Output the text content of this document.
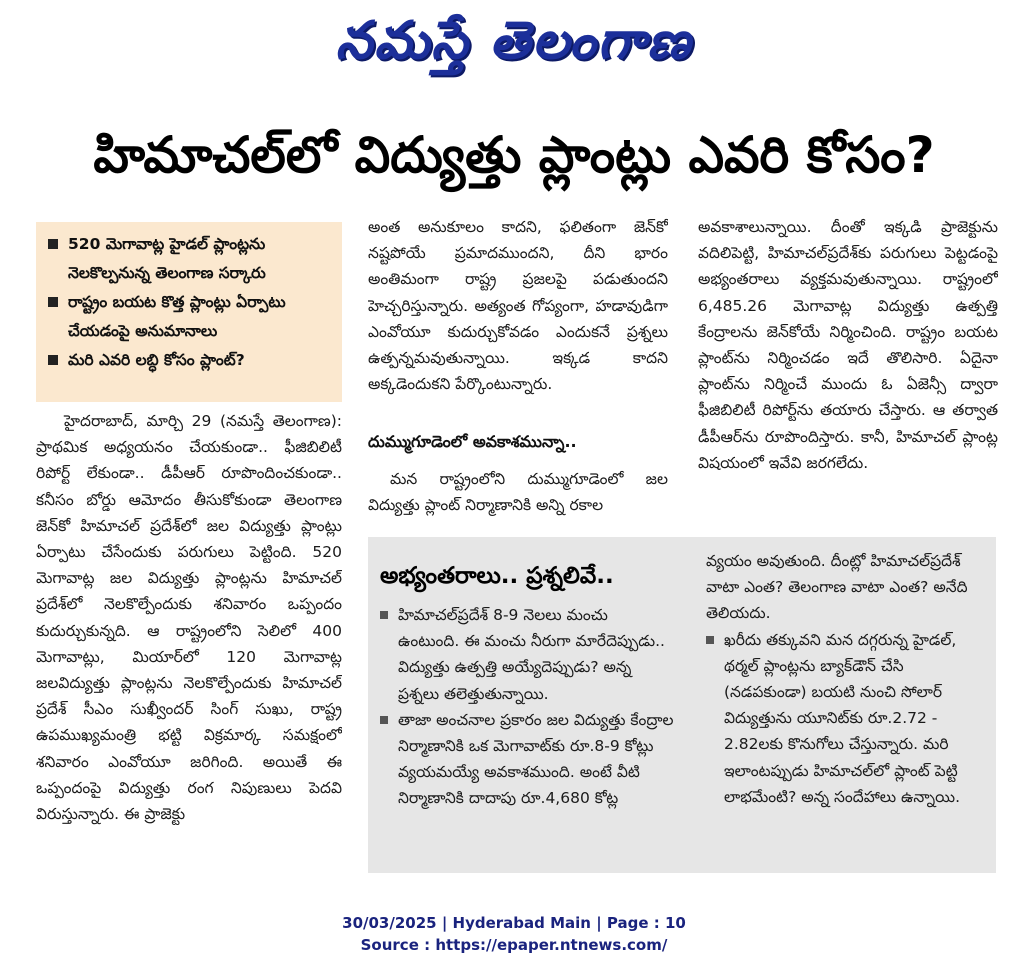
నమస్తే తెలంగాణ
హిమాచల్‌లో విద్యుత్తు ప్లాంట్లు ఎవరి కోసం?
520 మెగావాట్ల హైడల్‌ ప్లాంట్లను నెలకొల్పనున్న తెలంగాణ సర్కారు
రాష్ట్రం బయట కొత్త ప్లాంట్లు ఏర్పాటు చేయడంపై అనుమానాలు
మరి ఎవరి లబ్ధి కోసం ప్లాంట్‌?

హైదరాబాద్‌, మార్చి 29 (నమస్తే తెలంగాణ): ప్రాథమిక అధ్యయనం చేయకుండా.. ఫీజిబిలిటీ రిపోర్ట్‌ లేకుండా.. డీపీఆర్‌ రూపొందించకుండా.. కనీసం బోర్డు ఆమోదం తీసుకోకుండా తెలంగాణ జెన్‌కో హిమాచల్‌ ప్రదేశ్‌లో జల విద్యుత్తు ప్లాంట్లు ఏర్పాటు చేసేందుకు పరుగులు పెట్టింది. 520 మెగావాట్ల జల విద్యుత్తు ప్లాంట్లను హిమాచల్‌ ప్రదేశ్‌లో నెలకొల్పేందుకు శనివారం ఒప్పందం కుదుర్చుకున్నది. ఆ రాష్ట్రంలోని సెలిలో 400 మెగావాట్లు, మియార్‌లో 120 మెగావాట్ల జలవిద్యుత్తు ప్లాంట్లను నెలకొల్పేందుకు హిమాచల్‌ ప్రదేశ్‌ సీఎం సుఖ్వీందర్‌ సింగ్‌ సుఖు, రాష్ట్ర ఉపముఖ్యమంత్రి భట్టి విక్రమార్క సమక్షంలో శనివారం ఎంవోయూ జరిగింది. అయితే ఈ ఒప్పందంపై విద్యుత్తు రంగ నిపుణులు పెదవి విరుస్తున్నారు. ఈ ప్రాజెక్టు

అంత అనుకూలం కాదని, ఫలితంగా జెన్‌కో నష్టపోయే ప్రమాదముందని, దీని భారం అంతిమంగా రాష్ట్ర ప్రజలపై పడుతుందని హెచ్చరిస్తున్నారు. అత్యంత గోప్యంగా, హడావుడిగా ఎంవోయూ కుదుర్చుకోవడం ఎందుకనే ప్రశ్నలు ఉత్పన్నమవుతున్నాయి. ఇక్కడ కాదని అక్కడెందుకని పేర్కొంటున్నారు.

దుమ్ముగూడెంలో అవకాశమున్నా..

మన రాష్ట్రంలోని దుమ్ముగూడెంలో జల విద్యుత్తు ప్లాంట్‌ నిర్మాణానికి అన్ని రకాల

అవకాశాలున్నాయి. దీంతో ఇక్కడి ప్రాజెక్టును వదిలిపెట్టి, హిమాచల్‌ప్రదేశ్‌కు పరుగులు పెట్టడంపై అభ్యంతరాలు వ్యక్తమవుతున్నాయి. రాష్ట్రంలో 6,485.26 మెగావాట్ల విద్యుత్తు ఉత్పత్తి కేంద్రాలను జెన్‌కోయే నిర్మించింది. రాష్ట్రం బయట ప్లాంట్‌ను నిర్మించడం ఇదే తొలిసారి. ఏదైనా ప్లాంట్‌ను నిర్మించే ముందు ఓ ఏజెన్సీ ద్వారా ఫీజిబిలిటీ రిపోర్ట్‌ను తయారు చేస్తారు. ఆ తర్వాత డీపీఆర్‌ను రూపొందిస్తారు. కానీ, హిమాచల్‌ ప్లాంట్ల విషయంలో ఇవేవి జరగలేదు.

అభ్యంతరాలు.. ప్రశ్నలివే..
హిమాచల్‌ప్రదేశ్‌ 8-9 నెలలు మంచు ఉంటుంది. ఈ మంచు నీరుగా మారేదెప్పుడు.. విద్యుత్తు ఉత్పత్తి అయ్యేదెప్పుడు? అన్న ప్రశ్నలు తలెత్తుతున్నాయి.
తాజా అంచనాల ప్రకారం జల విద్యుత్తు కేంద్రాల నిర్మాణానికి ఒక మెగావాట్‌కు రూ.8-9 కోట్లు వ్యయమయ్యే అవకాశముంది. అంటే వీటి నిర్మాణానికి దాదాపు రూ.4,680 కోట్ల
వ్యయం అవుతుంది. దీంట్లో హిమాచల్‌ప్రదేశ్‌ వాటా ఎంత? తెలంగాణ వాటా ఎంత? అనేది తెలియదు.
ఖరీదు తక్కువని మన దగ్గరున్న హైడల్‌, థర్మల్‌ ప్లాంట్లను బ్యాక్‌డౌన్‌ చేసి (నడపకుండా) బయటి నుంచి సోలార్‌ విద్యుత్తును యూనిట్‌కు రూ.2.72 - 2.82లకు కొనుగోలు చేస్తున్నారు. మరి ఇలాంటప్పుడు హిమాచల్‌లో ప్లాంట్‌ పెట్టి లాభమేంటి? అన్న సందేహాలు ఉన్నాయి.
30/03/2025 | Hyderabad Main | Page : 10
Source : https://epaper.ntnews.com/
